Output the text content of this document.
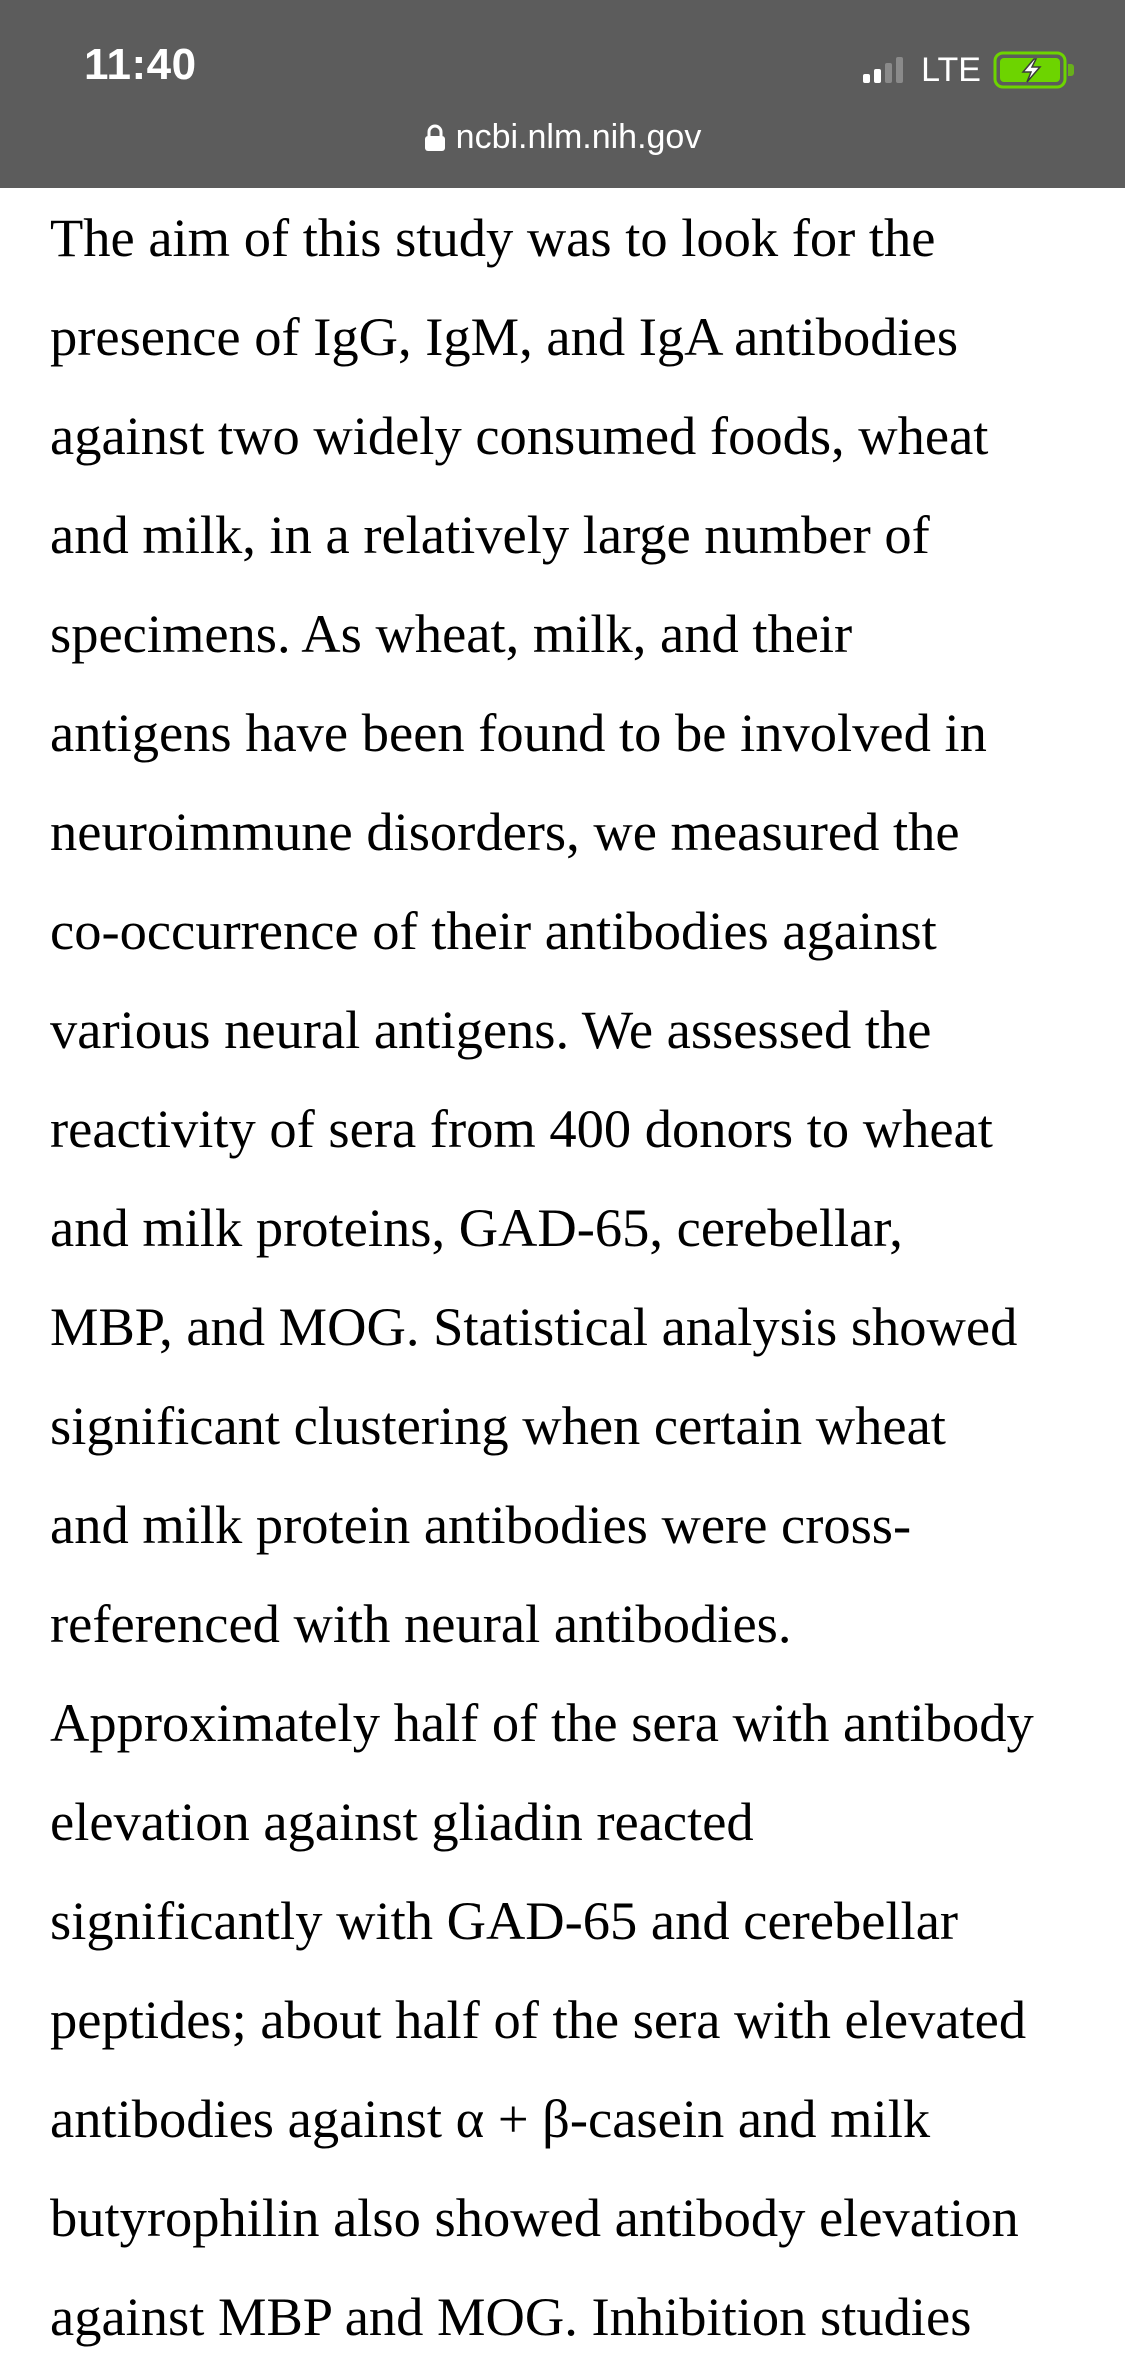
11:40	LTE
ncbi.nlm.nih.gov

The aim of this study was to look for the
presence of IgG, IgM, and IgA antibodies
against two widely consumed foods, wheat
and milk, in a relatively large number of
specimens. As wheat, milk, and their
antigens have been found to be involved in
neuroimmune disorders, we measured the
co-occurrence of their antibodies against
various neural antigens. We assessed the
reactivity of sera from 400 donors to wheat
and milk proteins, GAD-65, cerebellar,
MBP, and MOG. Statistical analysis showed
significant clustering when certain wheat
and milk protein antibodies were cross-
referenced with neural antibodies.
Approximately half of the sera with antibody
elevation against gliadin reacted
significantly with GAD-65 and cerebellar
peptides; about half of the sera with elevated
antibodies against α + β-casein and milk
butyrophilin also showed antibody elevation
against MBP and MOG. Inhibition studies
